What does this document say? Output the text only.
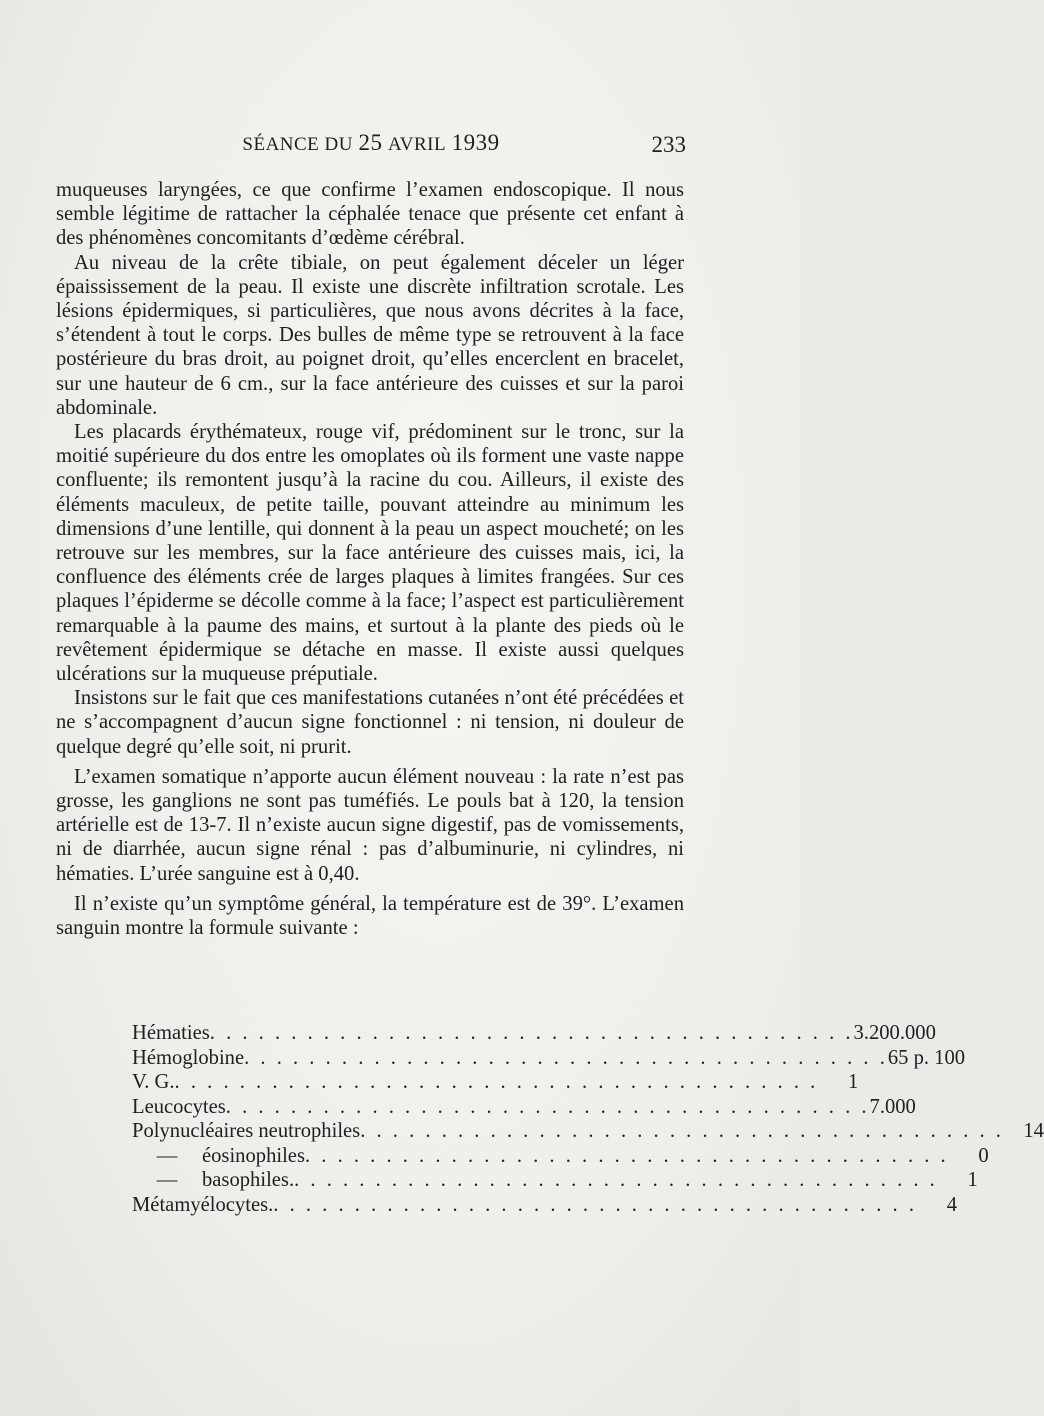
SÉANCE DU 25 AVRIL 1939	233

muqueuses laryngées, ce que confirme l’examen endoscopique. Il nous semble légitime de rattacher la céphalée tenace que présente cet enfant à des phénomènes concomitants d’œdème cérébral.

Au niveau de la crête tibiale, on peut également déceler un léger épaississement de la peau. Il existe une discrète infiltration scrotale. Les lésions épidermiques, si particulières, que nous avons décrites à la face, s’étendent à tout le corps. Des bulles de même type se retrouvent à la face postérieure du bras droit, au poignet droit, qu’elles encerclent en bracelet, sur une hauteur de 6 cm., sur la face antérieure des cuisses et sur la paroi abdominale.

Les placards érythémateux, rouge vif, prédominent sur le tronc, sur la moitié supérieure du dos entre les omoplates où ils forment une vaste nappe confluente; ils remontent jusqu’à la racine du cou. Ailleurs, il existe des éléments maculeux, de petite taille, pouvant atteindre au minimum les dimensions d’une lentille, qui donnent à la peau un aspect moucheté; on les retrouve sur les membres, sur la face antérieure des cuisses mais, ici, la confluence des éléments crée de larges plaques à limites frangées. Sur ces plaques l’épiderme se décolle comme à la face; l’aspect est particulièrement remarquable à la paume des mains, et surtout à la plante des pieds où le revêtement épidermique se détache en masse. Il existe aussi quelques ulcérations sur la muqueuse préputiale.

Insistons sur le fait que ces manifestations cutanées n’ont été précédées et ne s’accompagnent d’aucun signe fonctionnel : ni tension, ni douleur de quelque degré qu’elle soit, ni prurit.

L’examen somatique n’apporte aucun élément nouveau : la rate n’est pas grosse, les ganglions ne sont pas tuméfiés. Le pouls bat à 120, la tension artérielle est de 13-7. Il n’existe aucun signe digestif, pas de vomissements, ni de diarrhée, aucun signe rénal : pas d’albuminurie, ni cylindres, ni hématies. L’urée sanguine est à 0,40.

Il n’existe qu’un symptôme général, la température est de 39°. L’examen sanguin montre la formule suivante :

Hématies . . . . . . . . . . . . . . . . . . . . . . . . . . . . . . . . . . . . . . . . 3.200.000
Hémoglobine . . . . . . . . . . . . . . . . . . . . . . . . . . . . . . . . . . . . . . . . 65 p. 100
V. G. . . . . . . . . . . . . . . . . . . . . . . . . . . . . . . . . . . . . . . . .	1
Leucocytes . . . . . . . . . . . . . . . . . . . . . . . . . . . . . . . . . . . . . . . . 7.000
Polynucléaires neutrophiles . . . . . . . . . . . . . . . . . . . . . . . . . . . . . . . . . . . . . . . . 14
— éosinophiles . . . . . . . . . . . . . . . . . . . . . . . . . . . . . . . . . . . . . . . .	0
— basophiles. . . . . . . . . . . . . . . . . . . . . . . . . . . . . . . . . . . . . . . . .	1
Métamyélocytes. . . . . . . . . . . . . . . . . . . . . . . . . . . . . . . . . . . . . . . . .	4
